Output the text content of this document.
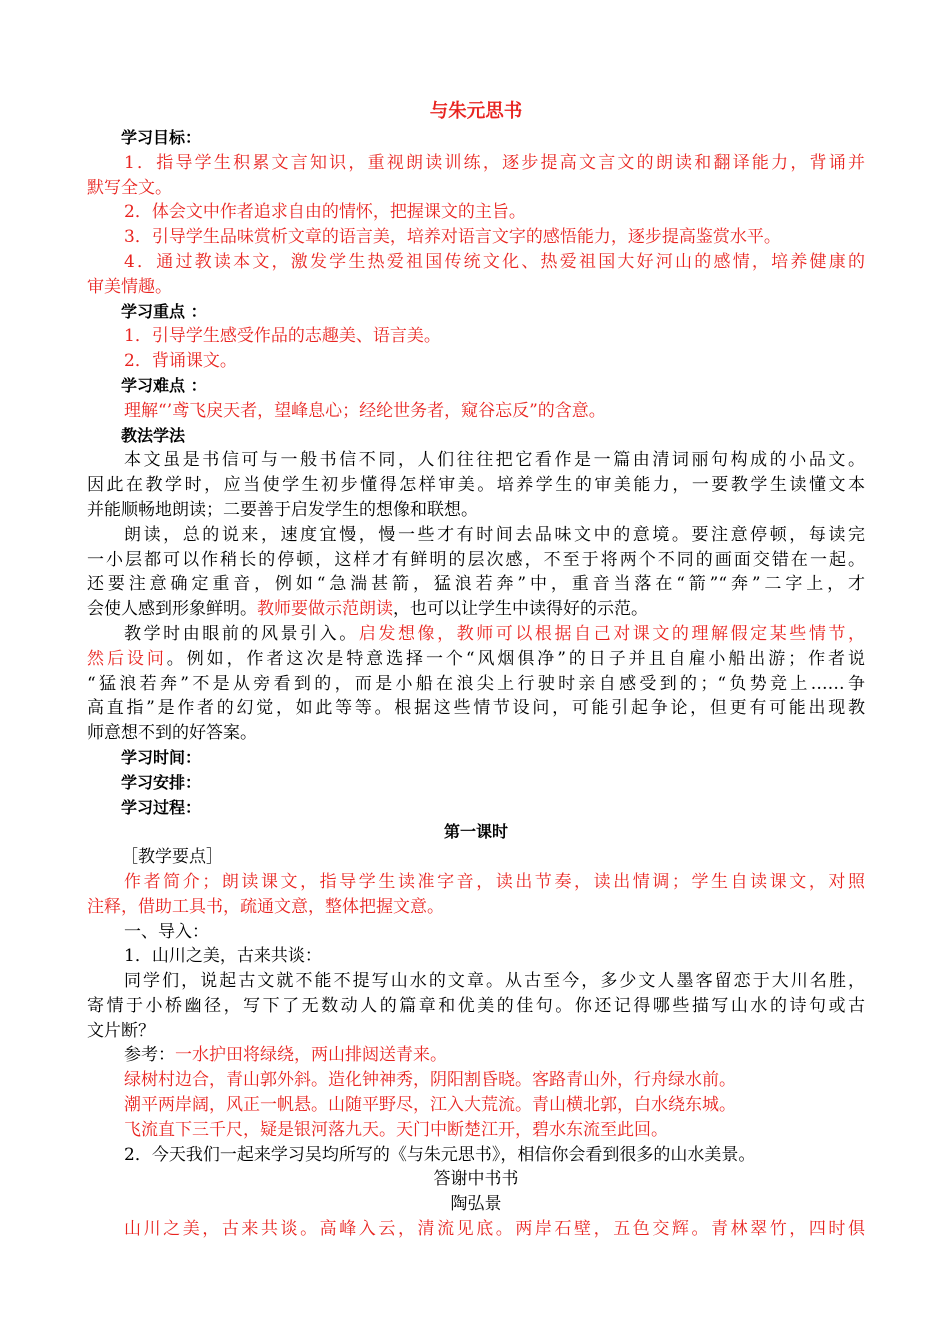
与朱元思书
学习目标：
1．指导学生积累文言知识，重视朗读训练，逐步提高文言文的朗读和翻译能力，背诵并
默写全文。
2．体会文中作者追求自由的情怀，把握课文的主旨。
3．引导学生品味赏析文章的语言美，培养对语言文字的感悟能力，逐步提高鉴赏水平。
4．通过教读本文，激发学生热爱祖国传统文化、热爱祖国大好河山的感情，培养健康的
审美情趣。
学习重点 ：
1．引导学生感受作品的志趣美、语言美。
2．背诵课文。
学习难点 ：
理解“’鸢飞戾天者，望峰息心；经纶世务者，窥谷忘反”的含意。
教法学法
本文虽是书信可与一般书信不同，人们往往把它看作是一篇由清词丽句构成的小品文。
因此在教学时，应当使学生初步懂得怎样审美。培养学生的审美能力，一要教学生读懂文本
并能顺畅地朗读；二要善于启发学生的想像和联想。
朗读，总的说来，速度宜慢，慢一些才有时间去品味文中的意境。要注意停顿，每读完
一小层都可以作稍长的停顿，这样才有鲜明的层次感，不至于将两个不同的画面交错在一起。
还要注意确定重音，例如“急湍甚箭，猛浪若奔”中，重音当落在“箭”“奔”二字上，才
会使人感到形象鲜明。教师要做示范朗读，也可以让学生中读得好的示范。
教学时由眼前的风景引入。启发想像，教师可以根据自己对课文的理解假定某些情节，
然后设问。例如，作者这次是特意选择一个“风烟俱净”的日子并且自雇小船出游；作者说
“猛浪若奔”不是从旁看到的，而是小船在浪尖上行驶时亲自感受到的；“负势竞上……争
高直指”是作者的幻觉，如此等等。根据这些情节设问，可能引起争论，但更有可能出现教
师意想不到的好答案。
学习时间：
学习安排：
学习过程：
第一课时
［教学要点］
作者简介；朗读课文，指导学生读准字音，读出节奏，读出情调；学生自读课文，对照
注释，借助工具书，疏通文意，整体把握文意。
一、导入：
1．山川之美，古来共谈：
同学们，说起古文就不能不提写山水的文章。从古至今，多少文人墨客留恋于大川名胜，
寄情于小桥幽径，写下了无数动人的篇章和优美的佳句。你还记得哪些描写山水的诗句或古
文片断？
参考：一水护田将绿绕，两山排闼送青来。
绿树村边合，青山郭外斜。造化钟神秀，阴阳割昏晓。客路青山外，行舟绿水前。
潮平两岸阔，风正一帆悬。山随平野尽，江入大荒流。青山横北郭，白水绕东城。
飞流直下三千尺，疑是银河落九天。天门中断楚江开，碧水东流至此回。
2．今天我们一起来学习吴均所写的《与朱元思书》，相信你会看到很多的山水美景。
答谢中书书
陶弘景
山川之美，古来共谈。高峰入云，清流见底。两岸石壁，五色交辉。青林翠竹，四时俱
